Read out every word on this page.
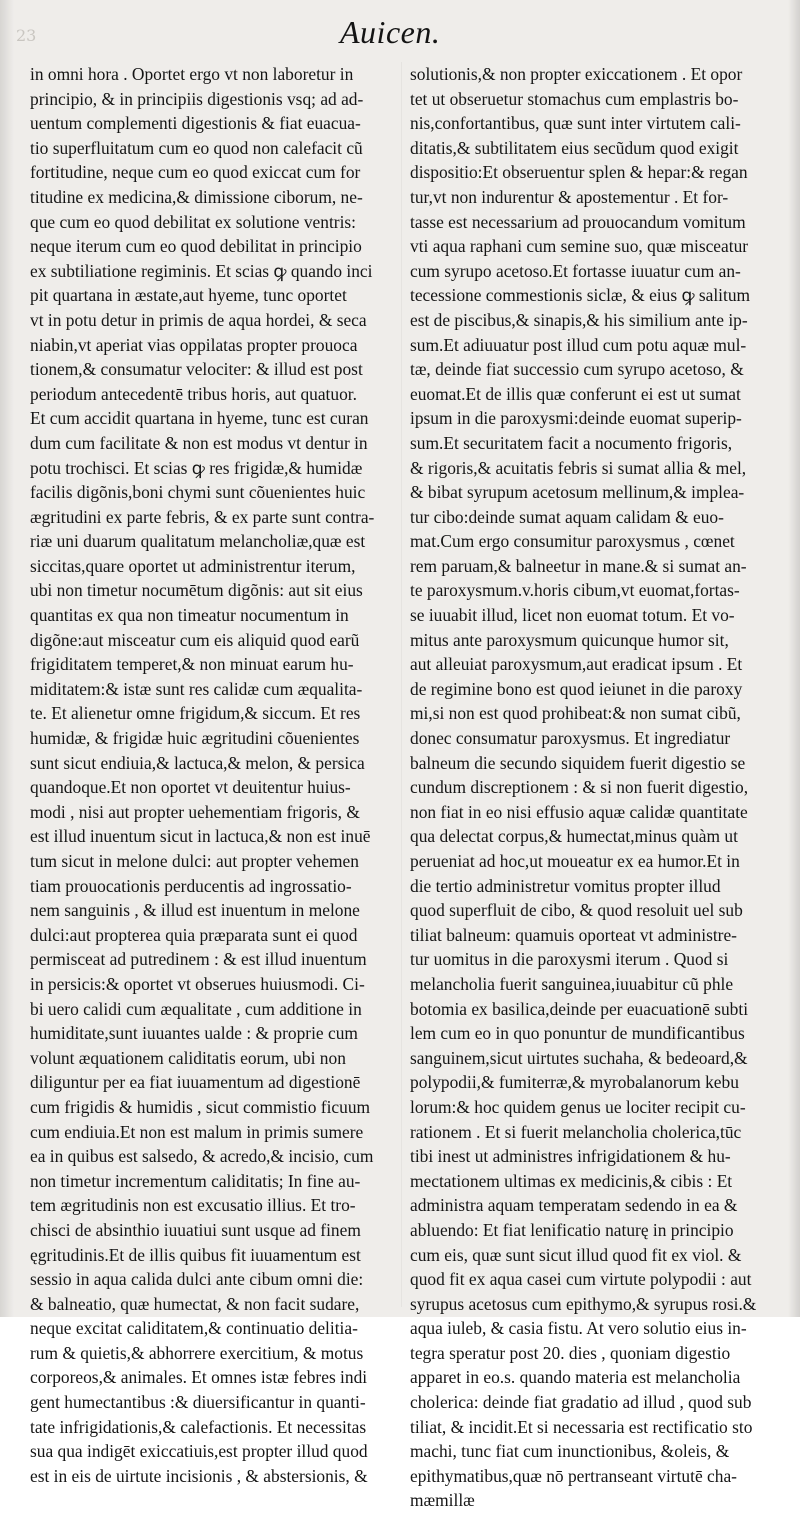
23	Auicen.
in omni hora . Oportet ergo vt non laboretur in
principio, & in principiis digestionis vsq; ad ad-
uentum complementi digestionis & fiat euacua-
tio superfluitatum cum eo quod non calefacit cũ
fortitudine, neque cum eo quod exiccat cum for
titudine ex medicina,& dimissione ciborum, ne-
que cum eo quod debilitat ex solutione ventris:
neque iterum cum eo quod debilitat in principio
ex subtiliatione regiminis. Et scias ꝙ quando inci
pit quartana in æstate,aut hyeme, tunc oportet
vt in potu detur in primis de aqua hordei, & seca
niabin,vt aperiat vias oppilatas propter prouoca
tionem,& consumatur velociter: & illud est post
periodum antecedentē tribus horis, aut quatuor.
Et cum accidit quartana in hyeme, tunc est curan
dum cum facilitate & non est modus vt dentur in
potu trochisci. Et scias ꝙ res frigidæ,& humidæ
facilis digõnis,boni chymi sunt cõuenientes huic
ægritudini ex parte febris, & ex parte sunt contra-
riæ uni duarum qualitatum melancholiæ,quæ est
siccitas,quare oportet ut administrentur iterum,
ubi non timetur nocumētum digõnis: aut sit eius
quantitas ex qua non timeatur nocumentum in
digõne:aut misceatur cum eis aliquid quod earũ
frigiditatem temperet,& non minuat earum hu-
miditatem:& istæ sunt res calidæ cum æqualita-
te. Et alienetur omne frigidum,& siccum. Et res
humidæ, & frigidæ huic ægritudini cõuenientes
sunt sicut endiuia,& lactuca,& melon, & persica
quandoque.Et non oportet vt deuitentur huius-
modi , nisi aut propter uehementiam frigoris, &
est illud inuentum sicut in lactuca,& non est inuē
tum sicut in melone dulci: aut propter vehemen
tiam prouocationis perducentis ad ingrossatio-
nem sanguinis , & illud est inuentum in melone
dulci:aut propterea quia præparata sunt ei quod
permisceat ad putredinem : & est illud inuentum
in persicis:& oportet vt obserues huiusmodi. Ci-
bi uero calidi cum æqualitate , cum additione in
humiditate,sunt iuuantes ualde : & proprie cum
volunt æquationem caliditatis eorum, ubi non
diliguntur per ea fiat iuuamentum ad digestionē
cum frigidis & humidis , sicut commistio ficuum
cum endiuia.Et non est malum in primis sumere
ea in quibus est salsedo, & acredo,& incisio, cum
non timetur incrementum caliditatis; In fine au-
tem ægritudinis non est excusatio illius. Et tro-
chisci de absinthio iuuatiui sunt usque ad finem
ęgritudinis.Et de illis quibus fit iuuamentum est
sessio in aqua calida dulci ante cibum omni die:
& balneatio, quæ humectat, & non facit sudare,
neque excitat caliditatem,& continuatio delitia-
rum & quietis,& abhorrere exercitium, & motus
corporeos,& animales. Et omnes istæ febres indi
gent humectantibus :& diuersificantur in quanti-
tate infrigidationis,& calefactionis. Et necessitas
sua qua indigēt exiccatiuis,est propter illud quod
est in eis de uirtute incisionis , & abstersionis, &
solutionis,& non propter exiccationem . Et opor
tet ut obseruetur stomachus cum emplastris bo-
nis,confortantibus, quæ sunt inter virtutem cali-
ditatis,& subtilitatem eius secũdum quod exigit
dispositio:Et obseruentur splen & hepar:& regan
tur,vt non indurentur & apostementur . Et for-
tasse est necessarium ad prouocandum vomitum
vti aqua raphani cum semine suo, quæ misceatur
cum syrupo acetoso.Et fortasse iuuatur cum an-
tecessione commestionis siclæ, & eius ꝙ salitum
est de piscibus,& sinapis,& his similium ante ip-
sum.Et adiuuatur post illud cum potu aquæ mul-
tæ, deinde fiat successio cum syrupo acetoso, &
euomat.Et de illis quæ conferunt ei est ut sumat
ipsum in die paroxysmi:deinde euomat superip-
sum.Et securitatem facit a nocumento frigoris,
& rigoris,& acuitatis febris si sumat allia & mel,
& bibat syrupum acetosum mellinum,& implea-
tur cibo:deinde sumat aquam calidam & euo-
mat.Cum ergo consumitur paroxysmus , cœnet
rem paruam,& balneetur in mane.& si sumat an-
te paroxysmum.v.horis cibum,vt euomat,fortas-
se iuuabit illud, licet non euomat totum. Et vo-
mitus ante paroxysmum quicunque humor sit,
aut alleuiat paroxysmum,aut eradicat ipsum . Et
de regimine bono est quod ieiunet in die paroxy
mi,si non est quod prohibeat:& non sumat cibũ,
donec consumatur paroxysmus. Et ingrediatur
balneum die secundo siquidem fuerit digestio se
cundum discreptionem : & si non fuerit digestio,
non fiat in eo nisi effusio aquæ calidæ quantitate
qua delectat corpus,& humectat,minus quàm ut
perueniat ad hoc,ut moueatur ex ea humor.Et in
die tertio administretur vomitus propter illud
quod superfluit de cibo, & quod resoluit uel sub
tiliat balneum: quamuis oporteat vt administre-
tur uomitus in die paroxysmi iterum . Quod si
melancholia fuerit sanguinea,iuuabitur cũ phle
botomia ex basilica,deinde per euacuationē subti
lem cum eo in quo ponuntur de mundificantibus
sanguinem,sicut uirtutes suchaha, & bedeoard,&
polypodii,& fumiterræ,& myrobalanorum kebu
lorum:& hoc quidem genus ue lociter recipit cu-
rationem . Et si fuerit melancholia cholerica,tūc
tibi inest ut administres infrigidationem & hu-
mectationem ultimas ex medicinis,& cibis : Et
administra aquam temperatam sedendo in ea &
abluendo: Et fiat lenificatio naturę in principio
cum eis, quæ sunt sicut illud quod fit ex viol. &
quod fit ex aqua casei cum virtute polypodii : aut
syrupus acetosus cum epithymo,& syrupus rosi.&
aqua iuleb, & casia fistu. At vero solutio eius in-
tegra speratur post 20. dies , quoniam digestio
apparet in eo.s. quando materia est melancholia
cholerica: deinde fiat gradatio ad illud , quod sub
tiliat, & incidit.Et si necessaria est rectificatio sto
machi, tunc fiat cum inunctionibus, &oleis, &
epithymatibus,quæ nō pertranseant virtutē cha-
mæmillæ
